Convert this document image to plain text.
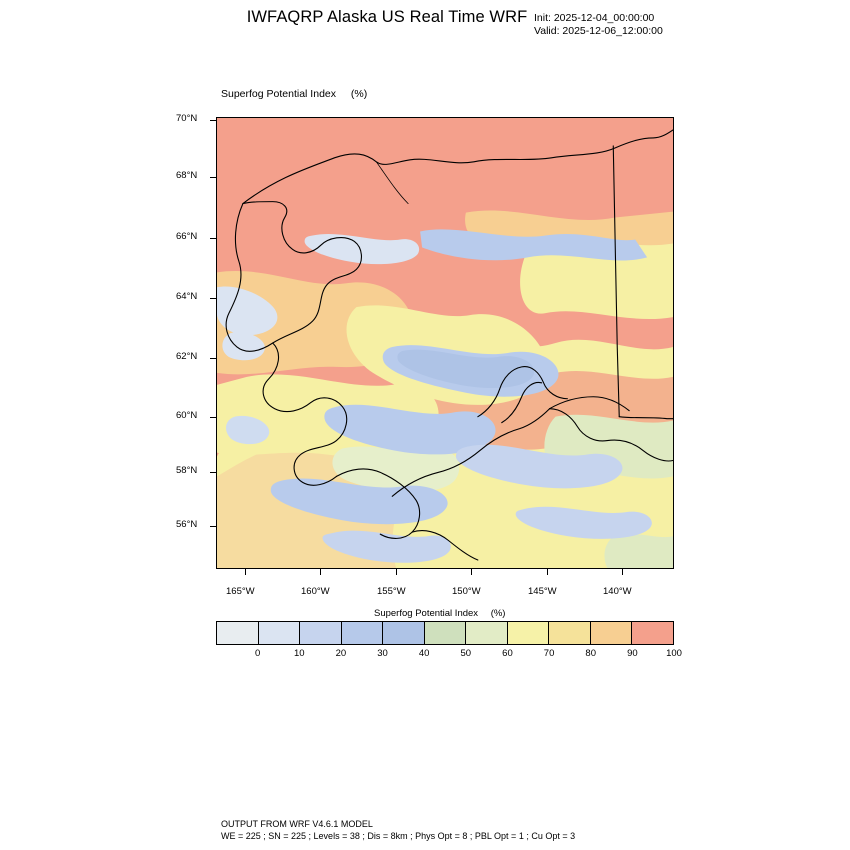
IWFAQRP Alaska US Real Time WRF Init: 2025-12-04_00:00:00
Valid: 2025-12-06_12:00:00
Superfog Potential Index (%)
70°N
68°N
66°N
64°N
62°N
60°N
58°N
56°N
165°W	160°W	155°W	150°W	145°W	140°W
Superfog Potential Index (%)
0	10	20	30	40	50	60	70	80	90	100
OUTPUT FROM WRF V4.6.1 MODEL
WE = 225 ; SN = 225 ; Levels = 38 ; Dis = 8km ; Phys Opt = 8 ; PBL Opt = 1 ; Cu Opt = 3
